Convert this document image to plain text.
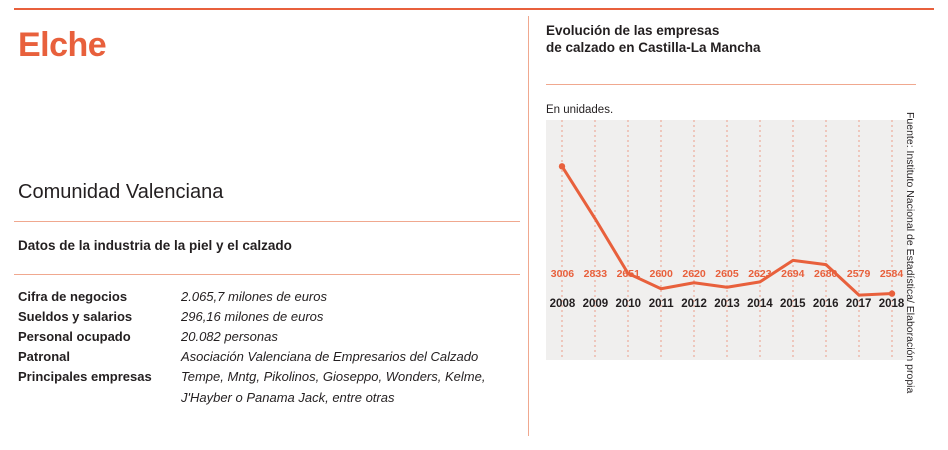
Elche
Comunidad Valenciana
Datos de la industria de la piel y el calzado
Cifra de negocios	2.065,7 milones de euros
Sueldos y salarios	296,16 milones de euros
Personal ocupado	20.082 personas
Patronal	Asociación Valenciana de Empresarios del Calzado
Principales empresas	Tempe, Mntg, Pikolinos, Gioseppo, Wonders, Kelme,
J'Hayber o Panama Jack, entre otras
Evolución de las empresas
de calzado en Castilla-La Mancha
En unidades.
3006 2833 2651 2600 2620 2605 2623 2694 2680 2579 2584
2008 2009 2010 2011 2012 2013 2014 2015 2016 2017 2018 Fuente: Instituto Nacional de Estadística/ Elaboración propia
